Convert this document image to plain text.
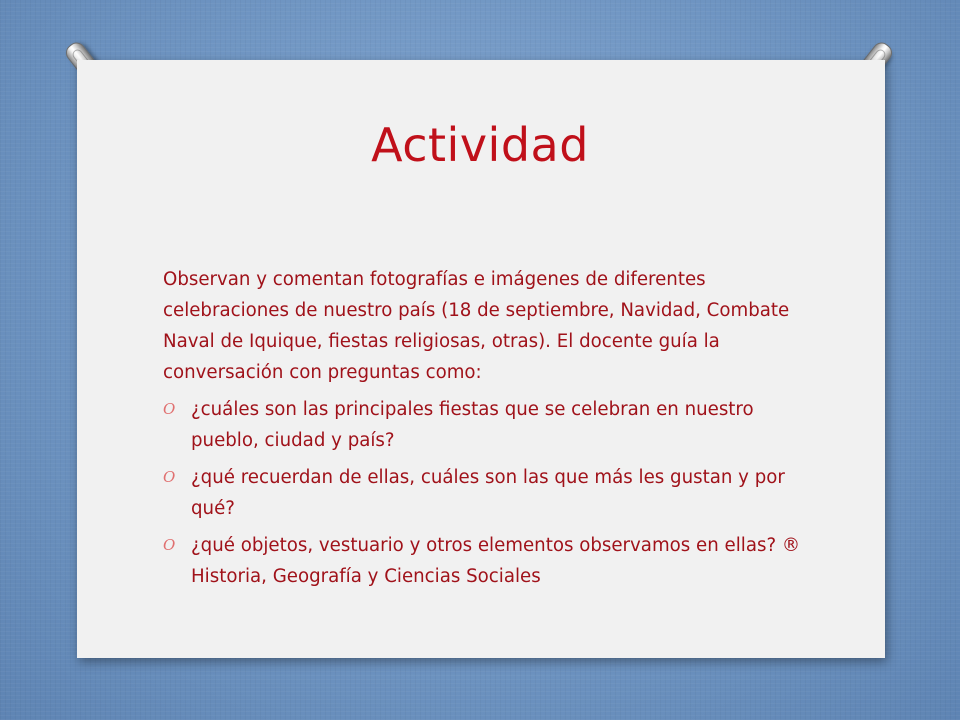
Actividad

Observan y comentan fotografías e imágenes de diferentes celebraciones de nuestro país (18 de septiembre, Navidad, Combate Naval de Iquique, fiestas religiosas, otras). El docente guía la conversación con preguntas como:

O ¿cuáles son las principales fiestas que se celebran en nuestro pueblo, ciudad y país?
O ¿qué recuerdan de ellas, cuáles son las que más les gustan y por qué?
O ¿qué objetos, vestuario y otros elementos observamos en ellas? ® Historia, Geografía y Ciencias Sociales
